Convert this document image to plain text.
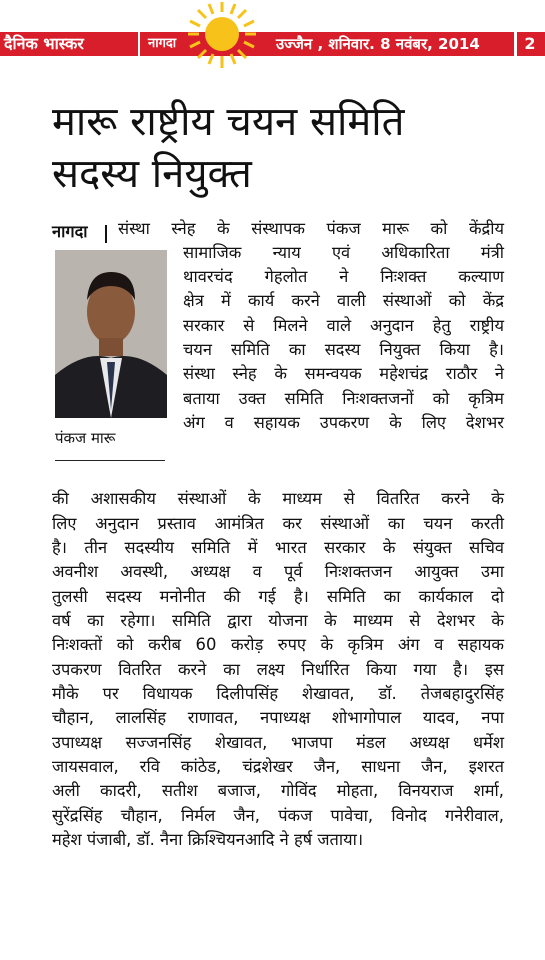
दैनिक भास्कर	नागदा	उज्जैन , शनिवार. 8 नवंबर, 2014	2
मारू राष्ट्रीय चयन समिति
सदस्य नियुक्त
नागदा संस्था स्नेह के संस्थापक पंकज मारू को केंद्रीय
सामाजिक न्याय एवं अधिकारिता मंत्री
थावरचंद गेहलोत ने निःशक्त कल्याण
क्षेत्र में कार्य करने वाली संस्थाओं को केंद्र
सरकार से मिलने वाले अनुदान हेतु राष्ट्रीय
चयन समिति का सदस्य नियुक्त किया है।
संस्था स्नेह के समन्वयक महेशचंद्र राठौर ने
बताया उक्त समिति निःशक्तजनों को कृत्रिम
अंग व सहायक उपकरण के लिए देशभर
पंकज मारू
की अशासकीय संस्थाओं के माध्यम से वितरित करने के
लिए अनुदान प्रस्ताव आमंत्रित कर संस्थाओं का चयन करती
है। तीन सदस्यीय समिति में भारत सरकार के संयुक्त सचिव
अवनीश अवस्थी, अध्यक्ष व पूर्व निःशक्तजन आयुक्त उमा
तुलसी सदस्य मनोनीत की गई है। समिति का कार्यकाल दो
वर्ष का रहेगा। समिति द्वारा योजना के माध्यम से देशभर के
निःशक्तों को करीब 60 करोड़ रुपए के कृत्रिम अंग व सहायक
उपकरण वितरित करने का लक्ष्य निर्धारित किया गया है। इस
मौके पर विधायक दिलीपसिंह शेखावत, डॉ. तेजबहादुरसिंह
चौहान, लालसिंह राणावत, नपाध्यक्ष शोभागोपाल यादव, नपा
उपाध्यक्ष सज्जनसिंह शेखावत, भाजपा मंडल अध्यक्ष धर्मेश
जायसवाल, रवि कांठेड, चंद्रशेखर जैन, साधना जैन, इशरत
अली कादरी, सतीश बजाज, गोविंद मोहता, विनयराज शर्मा,
सुरेंद्रसिंह चौहान, निर्मल जैन, पंकज पावेचा, विनोद गनेरीवाल,
महेश पंजाबी, डॉ. नैना क्रिश्चियनआदि ने हर्ष जताया।
